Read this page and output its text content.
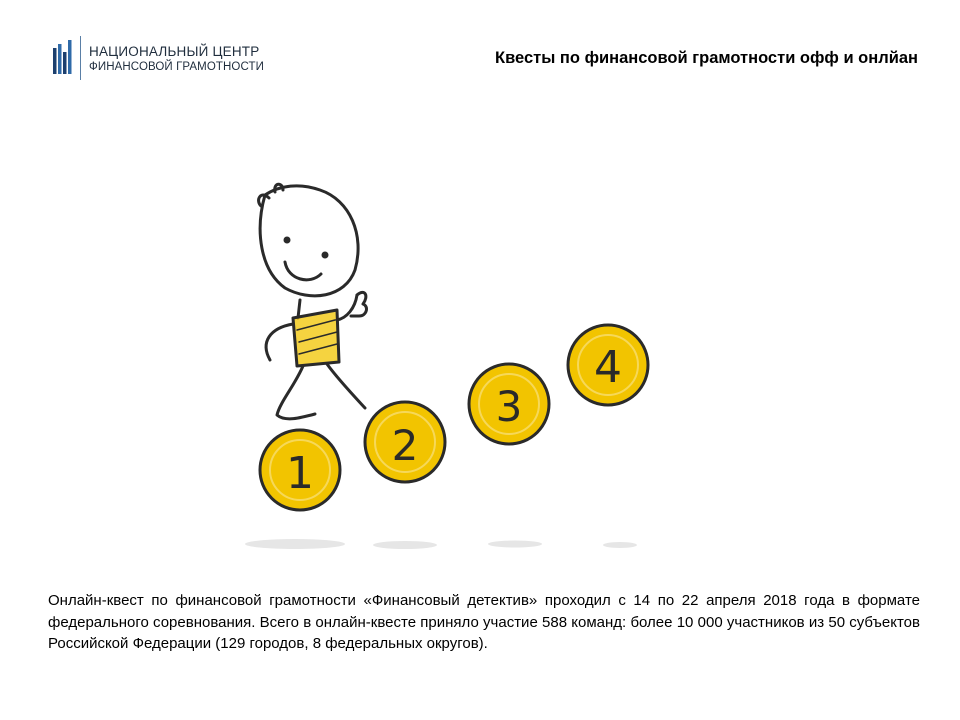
НАЦИОНАЛЬНЫЙ ЦЕНТР
ФИНАНСОВОЙ ГРАМОТНОСТИ	Квесты по финансовой грамотности офф и онлйан
1
2
3
4

Онлайн-квест по финансовой грамотности «Финансовый детектив» проходил с 14 по 22 апреля 2018 года в формате федерального соревнования. Всего в онлайн-квесте приняло участие 588 команд: более 10 000 участников из 50 субъектов Российской Федерации (129 городов, 8 федеральных округов).
